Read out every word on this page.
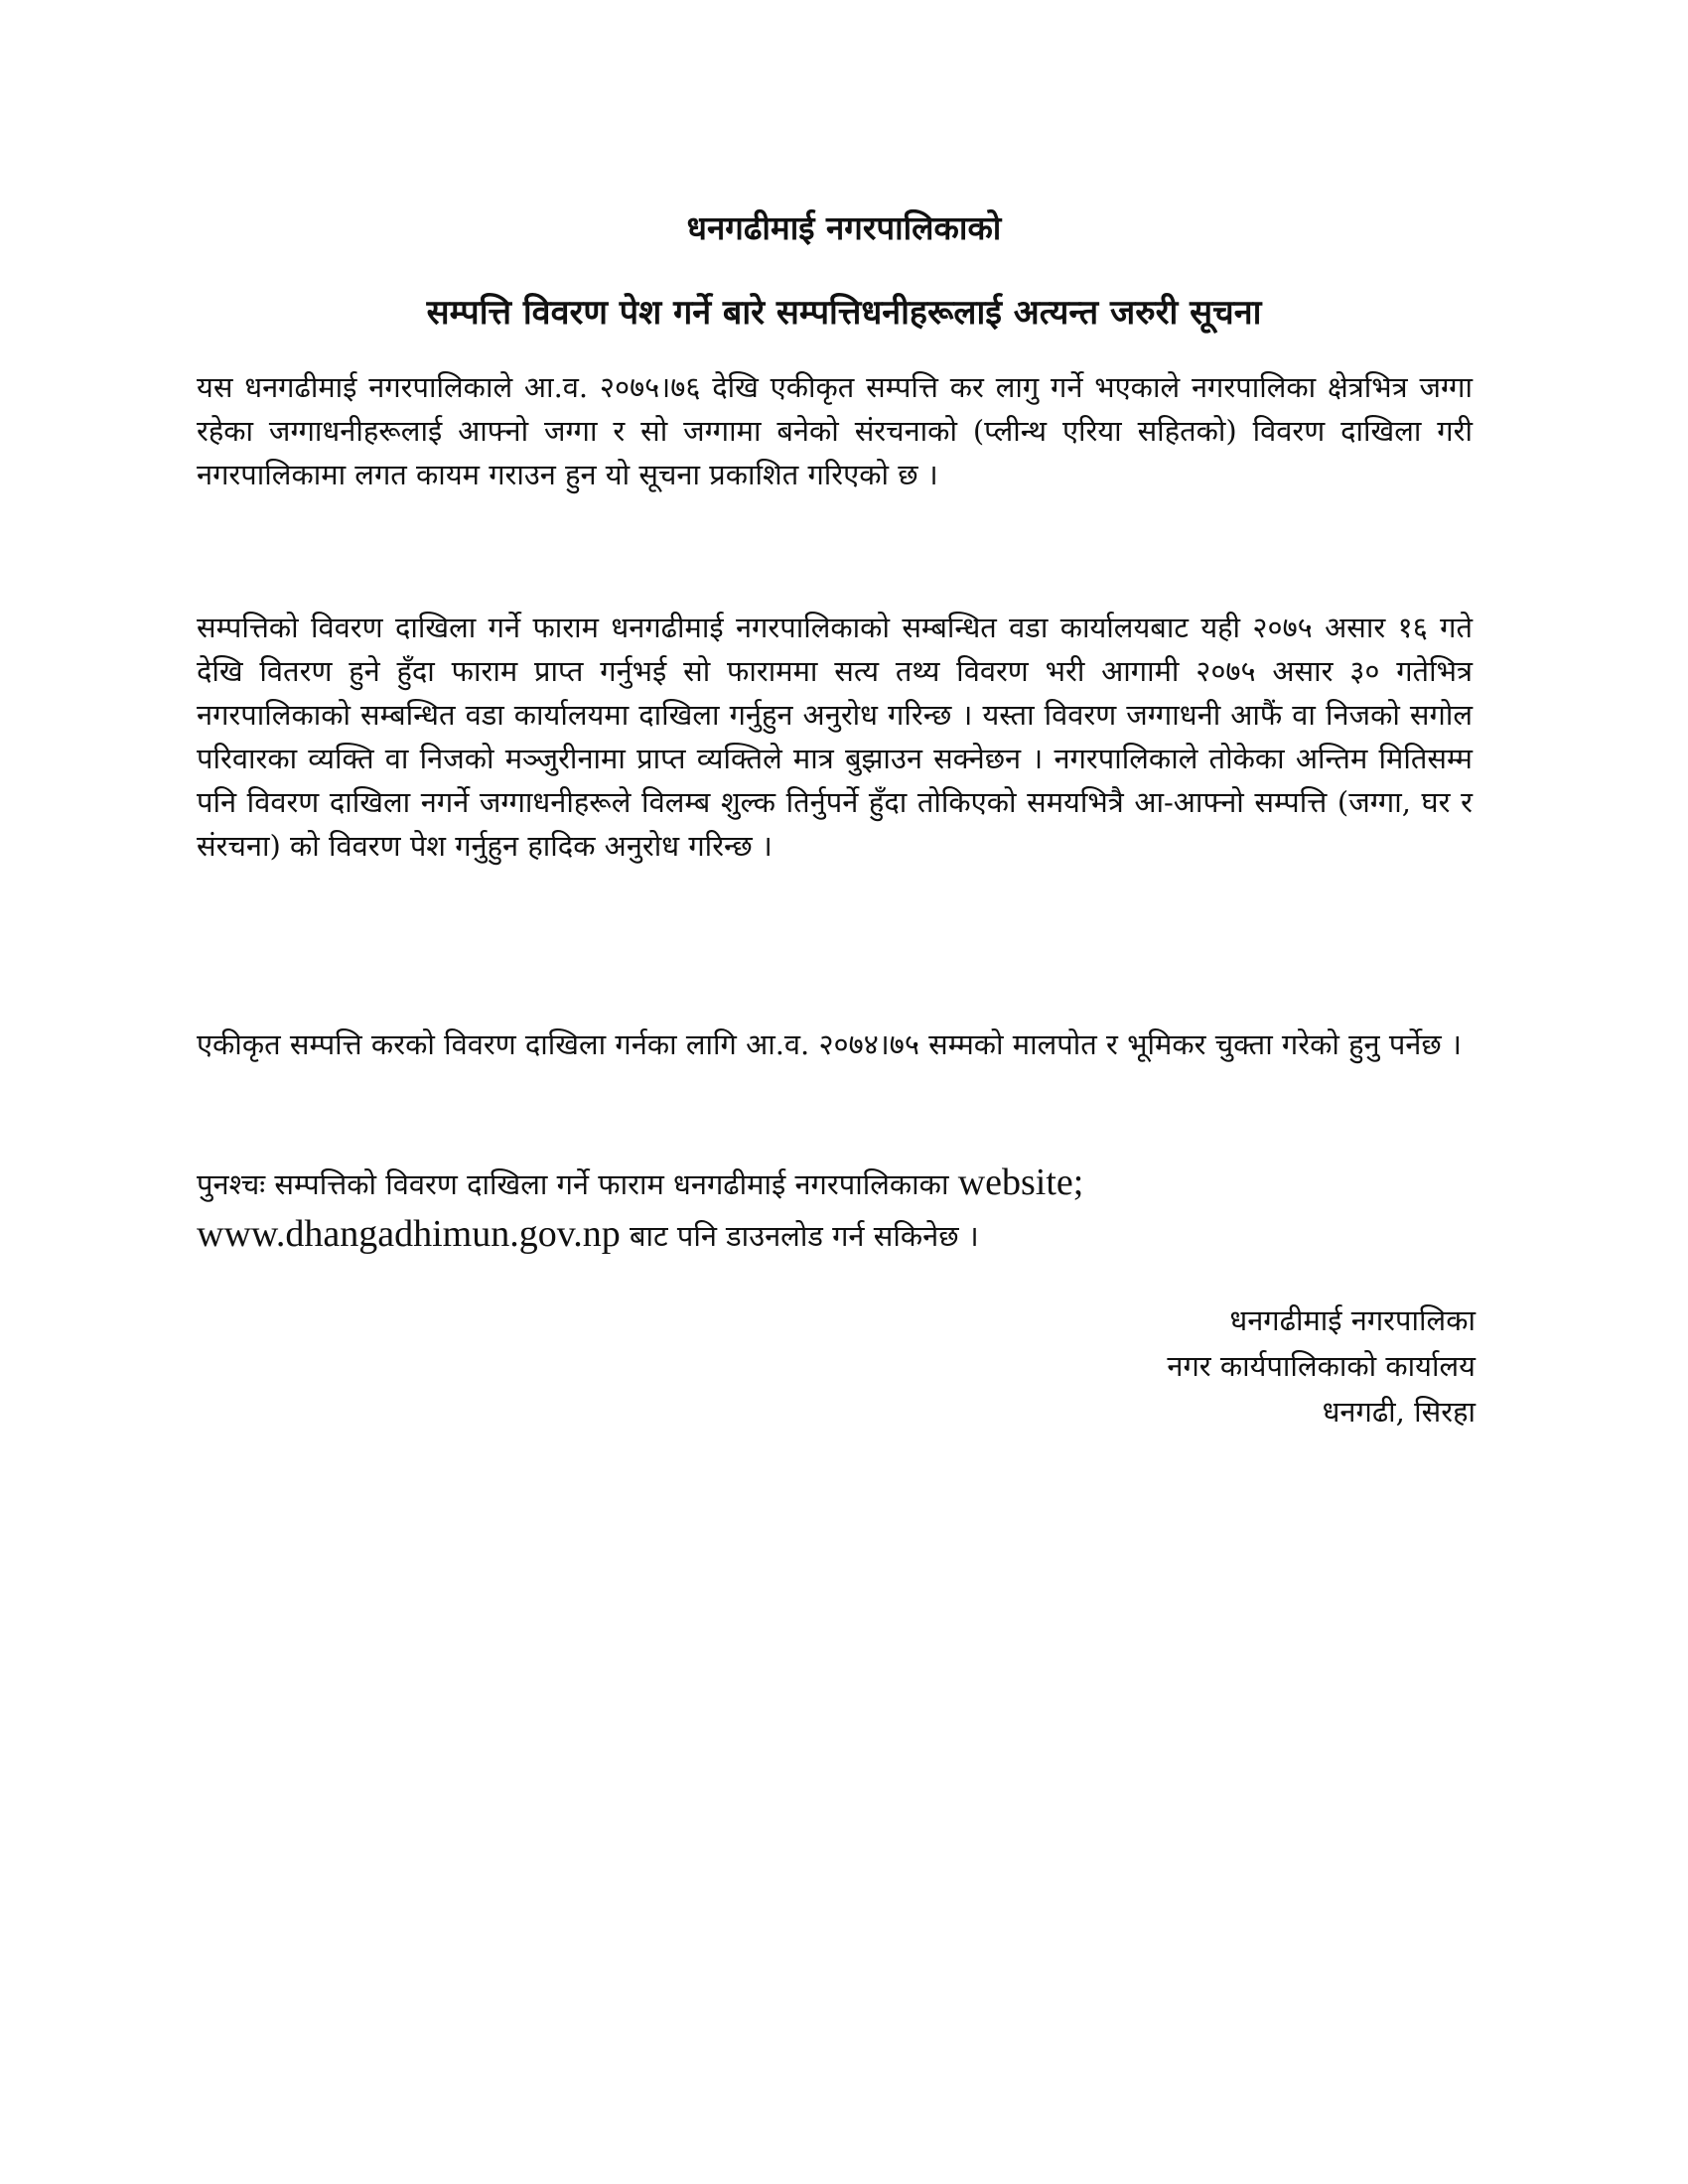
धनगढीमाई नगरपालिकाको
सम्पत्ति विवरण पेश गर्ने बारे सम्पत्तिधनीहरूलाई अत्यन्त जरुरी सूचना

यस धनगढीमाई नगरपालिकाले आ.व. २०७५।७६ देखि एकीकृत सम्पत्ति कर लागु गर्ने भएकाले नगरपालिका क्षेत्रभित्र जग्गा रहेका जग्गाधनीहरूलाई आफ्नो जग्गा र सो जग्गामा बनेको संरचनाको (प्लीन्थ एरिया सहितको) विवरण दाखिला गरी नगरपालिकामा लगत कायम गराउन हुन यो सूचना प्रकाशित गरिएको छ ।

सम्पत्तिको विवरण दाखिला गर्ने फाराम धनगढीमाई नगरपालिकाको सम्बन्धित वडा कार्यालयबाट यही २०७५ असार १६ गते देखि वितरण हुने हुँदा फाराम प्राप्त गर्नुभई सो फाराममा सत्य तथ्य विवरण भरी आगामी २०७५ असार ३० गतेभित्र नगरपालिकाको सम्बन्धित वडा कार्यालयमा दाखिला गर्नुहुन अनुरोध गरिन्छ । यस्ता विवरण जग्गाधनी आफैं वा निजको सगोल परिवारका व्यक्ति वा निजको मञ्जुरीनामा प्राप्त व्यक्तिले मात्र बुझाउन सक्नेछन । नगरपालिकाले तोकेका अन्तिम मितिसम्म पनि विवरण दाखिला नगर्ने जग्गाधनीहरूले विलम्ब शुल्क तिर्नुपर्ने हुँदा तोकिएको समयभित्रै आ-आफ्नो सम्पत्ति (जग्गा, घर र संरचना) को विवरण पेश गर्नुहुन हादिक अनुरोध गरिन्छ ।

एकीकृत सम्पत्ति करको विवरण दाखिला गर्नका लागि आ.व. २०७४।७५ सम्मको मालपोत र भूमिकर चुक्ता गरेको हुनु पर्नेछ ।

पुनश्चः सम्पत्तिको विवरण दाखिला गर्ने फाराम धनगढीमाई नगरपालिकाका website;
www.dhangadhimun.gov.np बाट पनि डाउनलोड गर्न सकिनेछ ।

धनगढीमाई नगरपालिका
नगर कार्यपालिकाको कार्यालय
धनगढी, सिरहा
